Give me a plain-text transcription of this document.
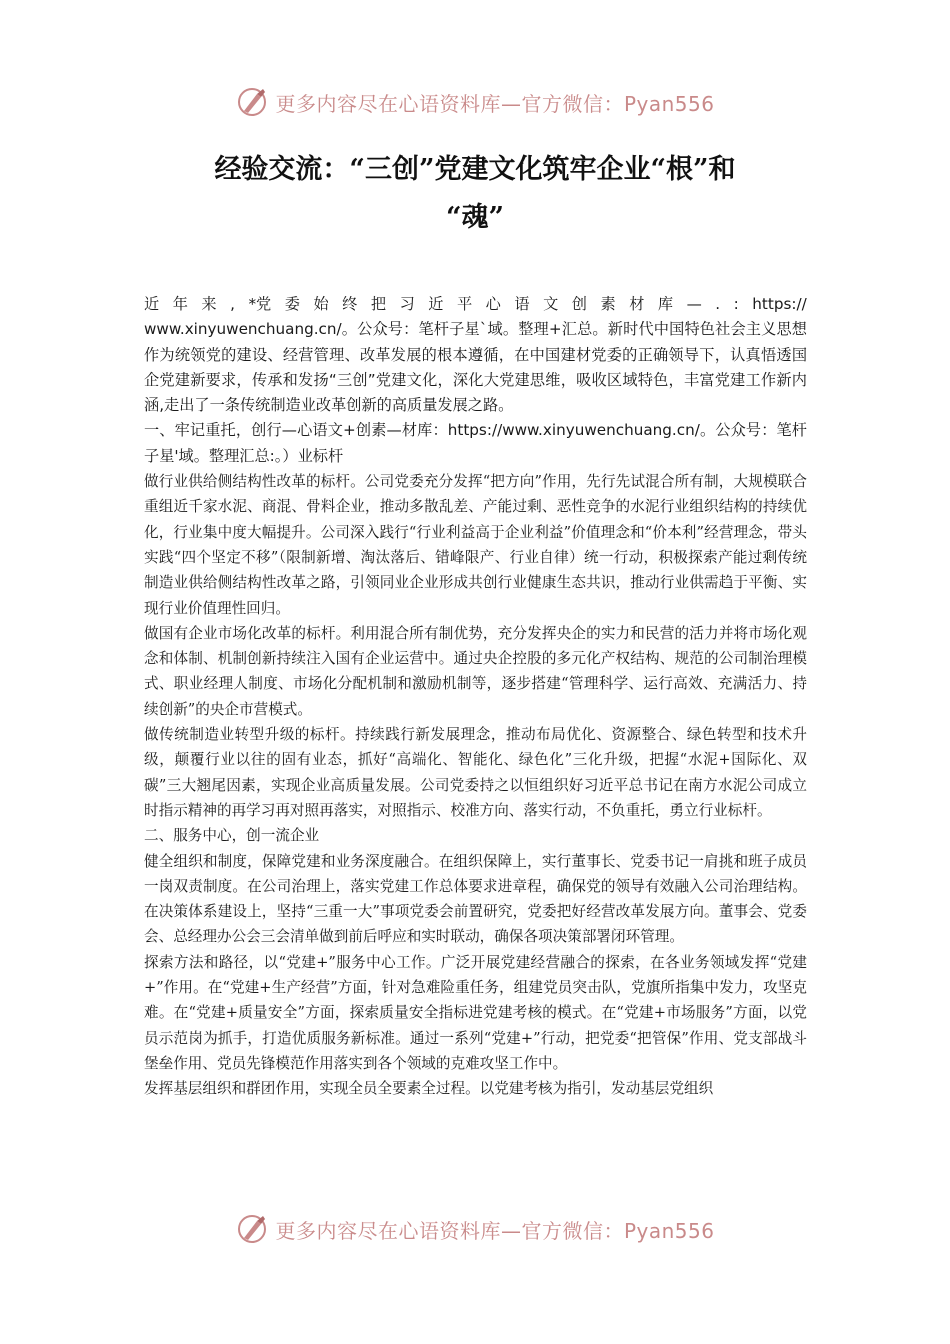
更多内容尽在心语资料库—官方微信：Pyan556
经验交流：“三创”党建文化筑牢企业“根”和
“魂”
近 年 来 , *党 委 始 终 把 习 近 平 心 语 文 创 素 材 库 — . : https://

www.xinyuwenchuang.cn/。公众号：笔杆子星`域。整理+汇总。新时代中国特色社会主义思想作为统领党的建设、经营管理、改革发展的根本遵循，在中国建材党委的正确领导下，认真悟透国企党建新要求，传承和发扬“三创”党建文化，深化大党建思维，吸收区域特色，丰富党建工作新内涵,走出了一条传统制造业改革创新的高质量发展之路。

一、牢记重托，创行—心语文+创素—材库：https://www.xinyuwenchuang.cn/。公众号：笔杆子星'域。整理汇总:。）业标杆

做行业供给侧结构性改革的标杆。公司党委充分发挥“把方向”作用，先行先试混合所有制，大规模联合重组近千家水泥、商混、骨料企业，推动多散乱差、产能过剩、恶性竞争的水泥行业组织结构的持续优化，行业集中度大幅提升。公司深入践行“行业利益高于企业利益”价值理念和“价本利”经营理念，带头实践“四个坚定不移”（限制新增、淘汰落后、错峰限产、行业自律）统一行动，积极探索产能过剩传统制造业供给侧结构性改革之路，引领同业企业形成共创行业健康生态共识，推动行业供需趋于平衡、实现行业价值理性回归。

做国有企业市场化改革的标杆。利用混合所有制优势，充分发挥央企的实力和民营的活力并将市场化观念和体制、机制创新持续注入国有企业运营中。通过央企控股的多元化产权结构、规范的公司制治理模式、职业经理人制度、市场化分配机制和激励机制等，逐步搭建“管理科学、运行高效、充满活力、持续创新”的央企市营模式。

做传统制造业转型升级的标杆。持续践行新发展理念，推动布局优化、资源整合、绿色转型和技术升级，颠覆行业以往的固有业态，抓好“高端化、智能化、绿色化”三化升级，把握“水泥+国际化、双碳”三大翘尾因素，实现企业高质量发展。公司党委持之以恒组织好习近平总书记在南方水泥公司成立时指示精神的再学习再对照再落实，对照指示、校准方向、落实行动，不负重托，勇立行业标杆。

二、服务中心，创一流企业

健全组织和制度，保障党建和业务深度融合。在组织保障上，实行董事长、党委书记一肩挑和班子成员一岗双责制度。在公司治理上，落实党建工作总体要求进章程，确保党的领导有效融入公司治理结构。在决策体系建设上，坚持“三重一大”事项党委会前置研究，党委把好经营改革发展方向。董事会、党委会、总经理办公会三会清单做到前后呼应和实时联动，确保各项决策部署闭环管理。

探索方法和路径，以“党建+”服务中心工作。广泛开展党建经营融合的探索，在各业务领域发挥“党建+”作用。在“党建+生产经营”方面，针对急难险重任务，组建党员突击队，党旗所指集中发力，攻坚克难。在“党建+质量安全”方面，探索质量安全指标进党建考核的模式。在“党建+市场服务”方面，以党员示范岗为抓手，打造优质服务新标准。通过一系列“党建+”行动，把党委“把管保”作用、党支部战斗堡垒作用、党员先锋模范作用落实到各个领域的克难攻坚工作中。

发挥基层组织和群团作用，实现全员全要素全过程。以党建考核为指引，发动基层党组织

更多内容尽在心语资料库—官方微信：Pyan556
